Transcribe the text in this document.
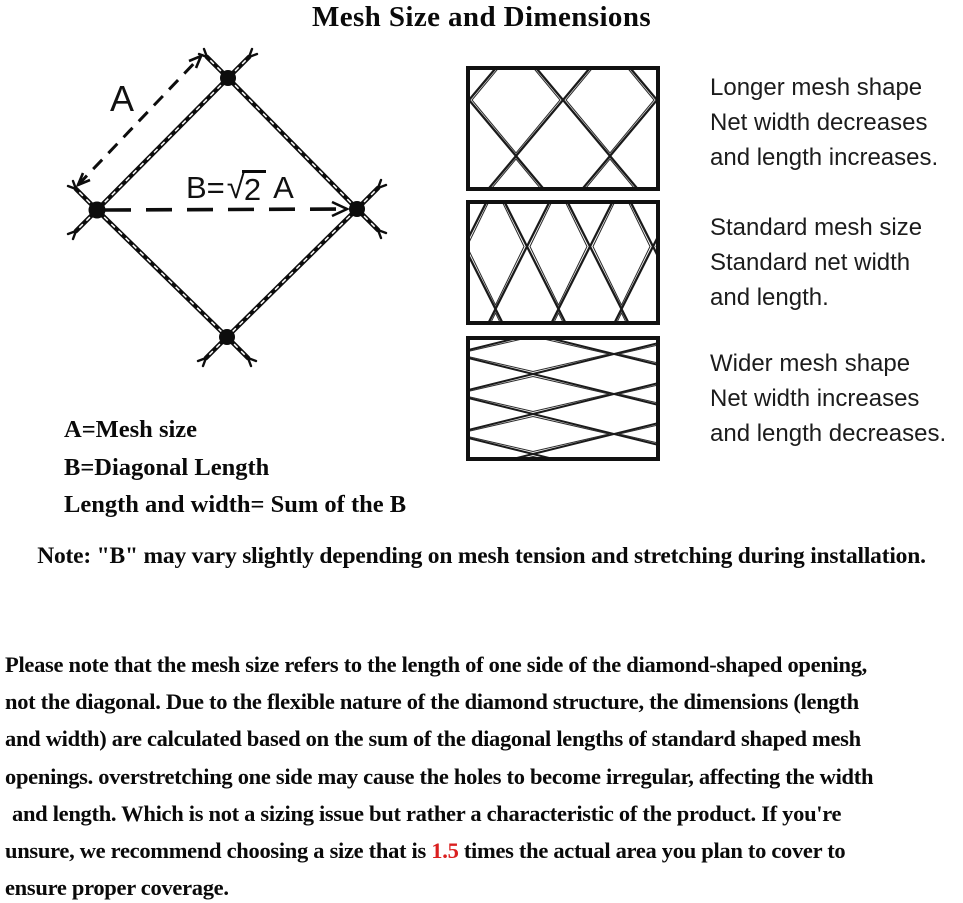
Mesh Size and Dimensions
A
B= √ 2 A
Longer mesh shape
Net width decreases
and length increases.
Standard mesh size
Standard net width
and length.
Wider mesh shape
Net width increases
and length decreases.
A=Mesh size
B=Diagonal Length
Length and width= Sum of the B
Note: "B" may vary slightly depending on mesh tension and stretching during installation.
Please note that the mesh size refers to the length of one side of the diamond-shaped opening,
not the diagonal. Due to the flexible nature of the diamond structure, the dimensions (length
and width) are calculated based on the sum of the diagonal lengths of standard shaped mesh
openings. overstretching one side may cause the holes to become irregular, affecting the width
and length. Which is not a sizing issue but rather a characteristic of the product. If you're
unsure, we recommend choosing a size that is 1.5 times the actual area you plan to cover to
ensure proper coverage.
